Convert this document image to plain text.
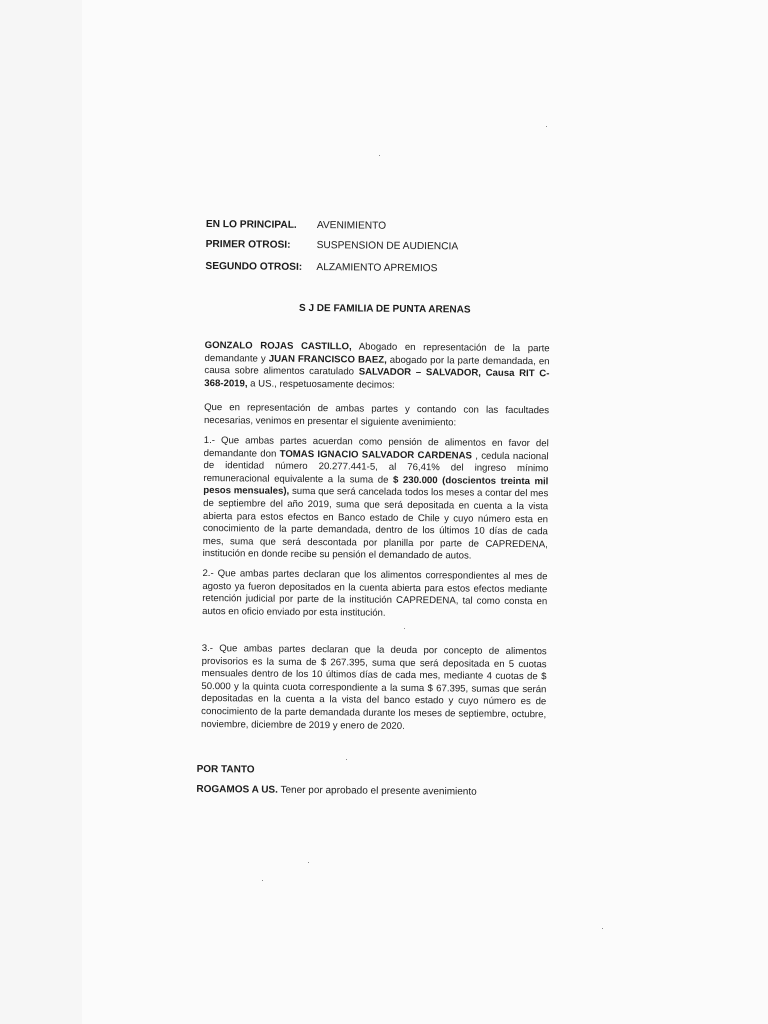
EN LO PRINCIPAL. AVENIMIENTO
PRIMER OTROSI:	SUSPENSION DE AUDIENCIA
SEGUNDO OTROSI: ALZAMIENTO APREMIOS
S J DE FAMILIA DE PUNTA ARENAS
GONZALO ROJAS CASTILLO, Abogado en representación de la parte demandante y JUAN FRANCISCO BAEZ, abogado por la parte demandada, en causa sobre alimentos caratulado SALVADOR – SALVADOR, Causa RIT C-368-2019, a US., respetuosamente decimos:
Que en representación de ambas partes y contando con las facultades necesarias, venimos en presentar el siguiente avenimiento:
1.- Que ambas partes acuerdan como pensión de alimentos en favor del demandante don TOMAS IGNACIO SALVADOR CARDENAS , cedula nacional de identidad número 20.277.441-5, al 76,41% del ingreso mínimo remuneracional equivalente a la suma de $ 230.000 (doscientos treinta mil pesos mensuales), suma que será cancelada todos los meses a contar del mes de septiembre del año 2019, suma que será depositada en cuenta a la vista abierta para estos efectos en Banco estado de Chile y cuyo número esta en conocimiento de la parte demandada, dentro de los últimos 10 días de cada mes, suma que será descontada por planilla por parte de CAPREDENA, institución en donde recibe su pensión el demandado de autos.
2.- Que ambas partes declaran que los alimentos correspondientes al mes de agosto ya fueron depositados en la cuenta abierta para estos efectos mediante retención judicial por parte de la institución CAPREDENA, tal como consta en autos en oficio enviado por esta institución.
3.- Que ambas partes declaran que la deuda por concepto de alimentos provisorios es la suma de $ 267.395, suma que será depositada en 5 cuotas mensuales dentro de los 10 últimos días de cada mes, mediante 4 cuotas de $ 50.000 y la quinta cuota correspondiente a la suma $ 67.395, sumas que serán depositadas en la cuenta a la vista del banco estado y cuyo número es de conocimiento de la parte demandada durante los meses de septiembre, octubre, noviembre, diciembre de 2019 y enero de 2020.
POR TANTO
ROGAMOS A US. Tener por aprobado el presente avenimiento
